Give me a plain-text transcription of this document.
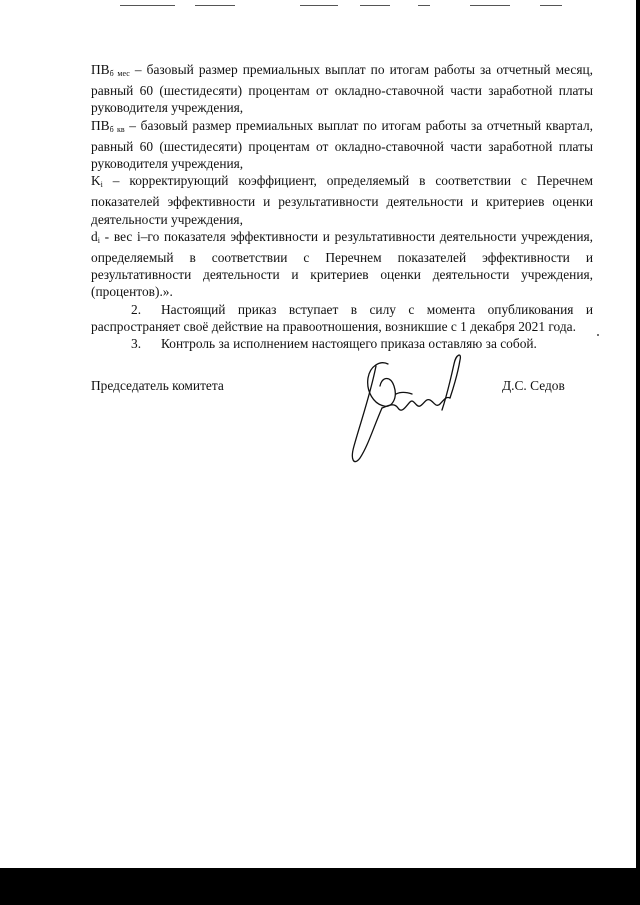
$ПВ_{б мес}$ – базовый размер премиальных выплат по итогам работы за отчетный месяц, равный 60 (шестидесяти) процентам от окладно-ставочной части заработной платы руководителя учреждения,

$ПВ_{б кв}$ – базовый размер премиальных выплат по итогам работы за отчетный квартал, равный 60 (шестидесяти) процентам от окладно-ставочной части заработной платы руководителя учреждения,

$K_i$ – корректирующий коэффициент, определяемый в соответствии с Перечнем показателей эффективности и результативности деятельности и критериев оценки деятельности учреждения,

$d_i$ - вес i–го показателя эффективности и результативности деятельности учреждения, определяемый в соответствии с Перечнем показателей эффективности и результативности деятельности и критериев оценки деятельности учреждения, (процентов).».

2. Настоящий приказ вступает в силу с момента опубликования и распространяет своё действие на правоотношения, возникшие с 1 декабря 2021 года.

3. Контроль за исполнением настоящего приказа оставляю за собой.

Председатель комитета	Д.С. Седов
